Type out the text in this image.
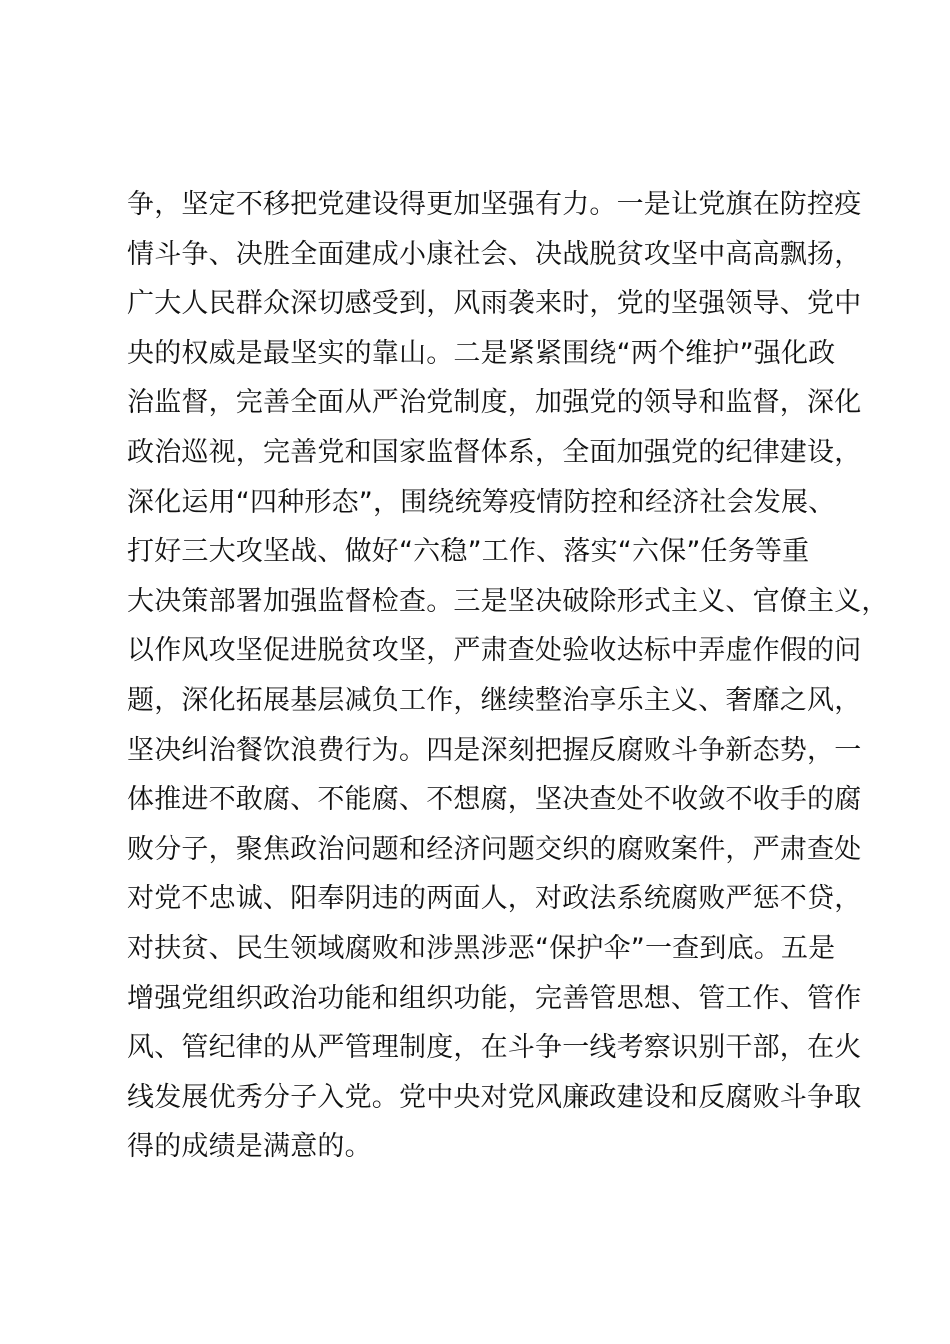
争，坚定不移把党建设得更加坚强有力。一是让党旗在防控疫
情斗争、决胜全面建成小康社会、决战脱贫攻坚中高高飘扬，
广大人民群众深切感受到，风雨袭来时，党的坚强领导、党中
央的权威是最坚实的靠山。二是紧紧围绕“两个维护”强化政
治监督，完善全面从严治党制度，加强党的领导和监督，深化
政治巡视，完善党和国家监督体系，全面加强党的纪律建设，
深化运用“四种形态”，围绕统筹疫情防控和经济社会发展、
打好三大攻坚战、做好“六稳”工作、落实“六保”任务等重
大决策部署加强监督检查。三是坚决破除形式主义、官僚主义，
以作风攻坚促进脱贫攻坚，严肃查处验收达标中弄虚作假的问
题，深化拓展基层减负工作，继续整治享乐主义、奢靡之风，
坚决纠治餐饮浪费行为。四是深刻把握反腐败斗争新态势，一
体推进不敢腐、不能腐、不想腐，坚决查处不收敛不收手的腐
败分子，聚焦政治问题和经济问题交织的腐败案件，严肃查处
对党不忠诚、阳奉阴违的两面人，对政法系统腐败严惩不贷，
对扶贫、民生领域腐败和涉黑涉恶“保护伞”一查到底。五是
增强党组织政治功能和组织功能，完善管思想、管工作、管作
风、管纪律的从严管理制度，在斗争一线考察识别干部，在火
线发展优秀分子入党。党中央对党风廉政建设和反腐败斗争取
得的成绩是满意的。
